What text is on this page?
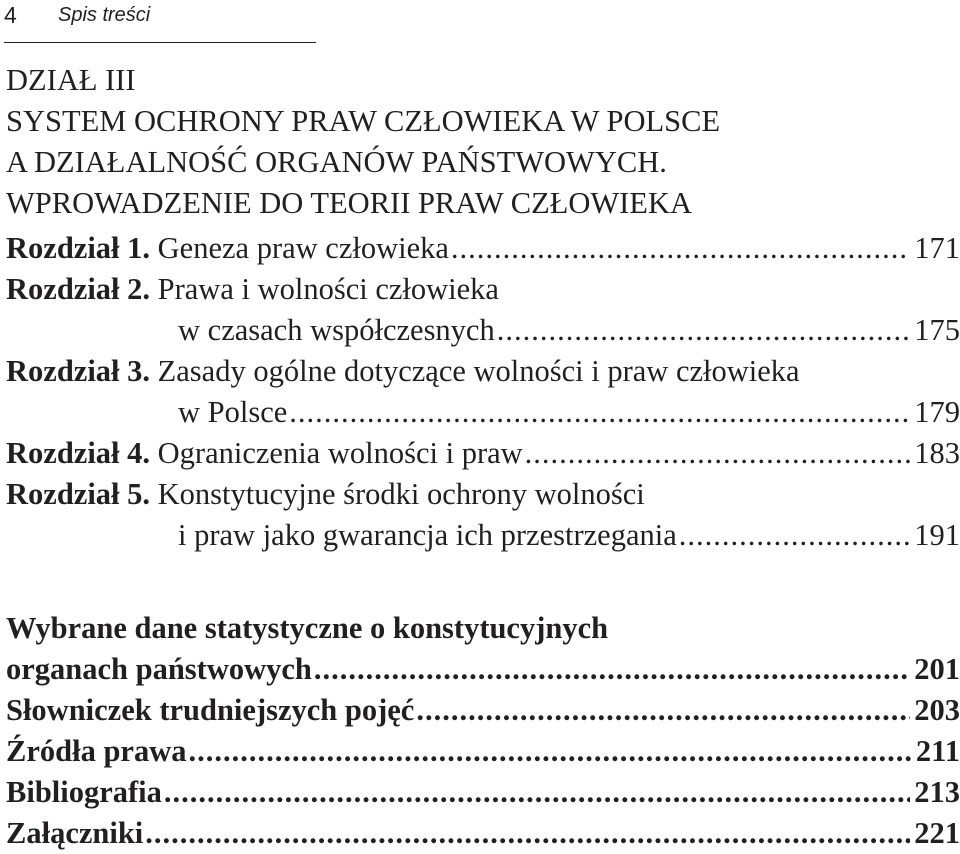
4 Spis treści
DZIAŁ III
SYSTEM OCHRONY PRAW CZŁOWIEKA W POLSCE
A DZIAŁALNOŚĆ ORGANÓW PAŃSTWOWYCH.
WPROWADZENIE DO TEORII PRAW CZŁOWIEKA
Rozdział 1.
Geneza praw człowieka .....	171
Rozdział 2. Prawa i wolności człowieka
w czasach współczesnych .....	175
Rozdział 3. Zasady ogólne dotyczące wolności i praw człowieka
w Polsce .....	179
Rozdział 4.
Ograniczenia wolności i praw .....	183
Rozdział 5. Konstytucyjne środki ochrony wolności
i praw jako gwarancja ich przestrzegania .....	191
Wybrane dane statystyczne o konstytucyjnych
organach państwowych .....	201
Słowniczek trudniejszych pojęć .....	203
Źródła prawa .....	211
Bibliografia .....	213
Załączniki .....	221
